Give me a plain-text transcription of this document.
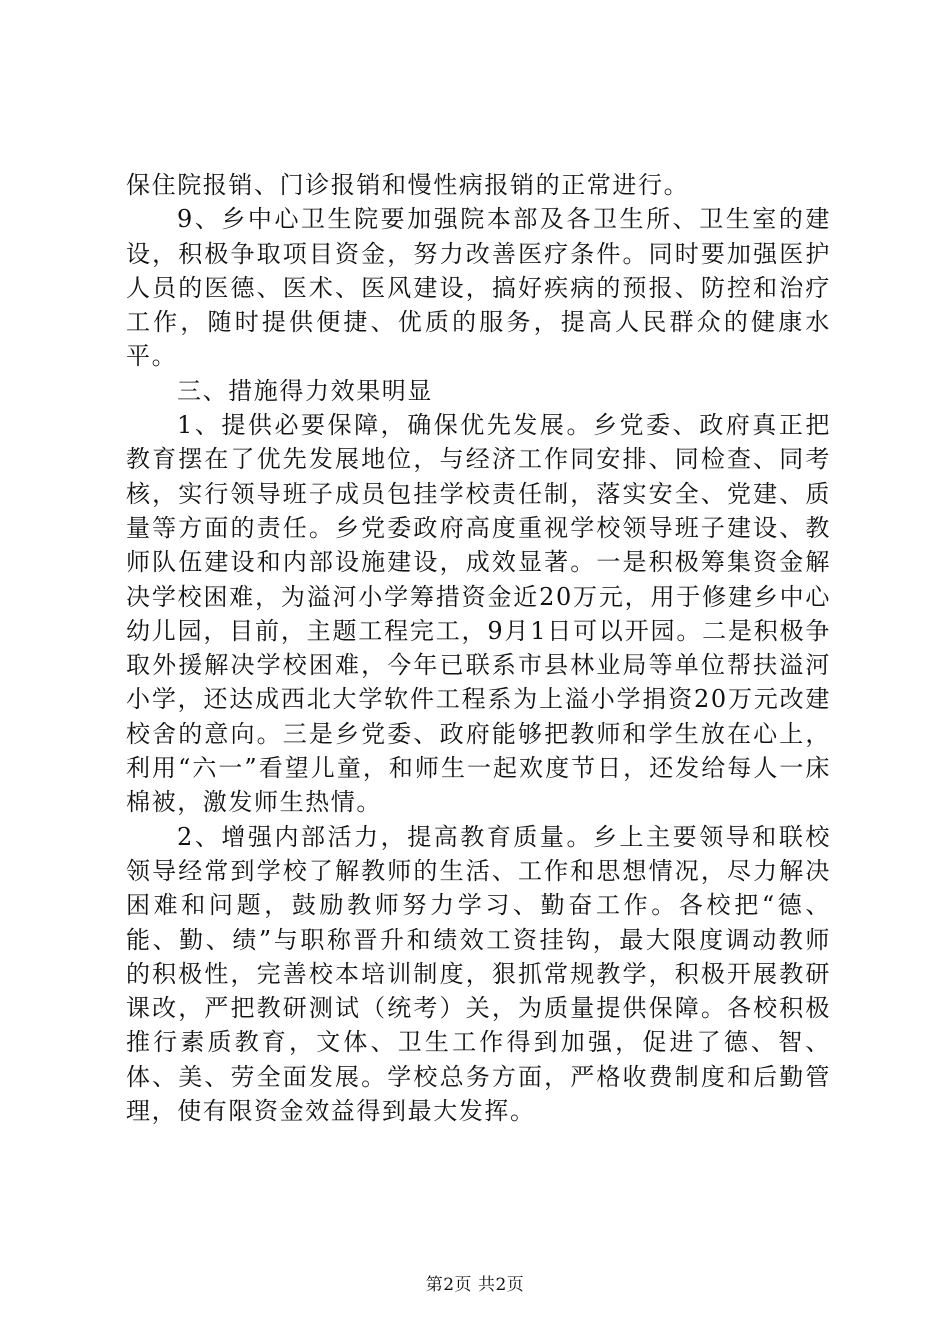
保住院报销、门诊报销和慢性病报销的正常进行。

9、乡中心卫生院要加强院本部及各卫生所、卫生室的建设，积极争取项目资金，努力改善医疗条件。同时要加强医护人员的医德、医术、医风建设，搞好疾病的预报、防控和治疗工作，随时提供便捷、优质的服务，提高人民群众的健康水平。

三、措施得力效果明显

1、提供必要保障，确保优先发展。乡党委、政府真正把教育摆在了优先发展地位，与经济工作同安排、同检查、同考核，实行领导班子成员包挂学校责任制，落实安全、党建、质量等方面的责任。乡党委政府高度重视学校领导班子建设、教师队伍建设和内部设施建设，成效显著。一是积极筹集资金解决学校困难，为溢河小学筹措资金近20万元，用于修建乡中心幼儿园，目前，主题工程完工，9月1日可以开园。二是积极争取外援解决学校困难，今年已联系市县林业局等单位帮扶溢河小学，还达成西北大学软件工程系为上溢小学捐资20万元改建校舍的意向。三是乡党委、政府能够把教师和学生放在心上，利用“六一”看望儿童，和师生一起欢度节日，还发给每人一床棉被，激发师生热情。

2、增强内部活力，提高教育质量。乡上主要领导和联校领导经常到学校了解教师的生活、工作和思想情况，尽力解决困难和问题，鼓励教师努力学习、勤奋工作。各校把“德、能、勤、绩”与职称晋升和绩效工资挂钩，最大限度调动教师的积极性，完善校本培训制度，狠抓常规教学，积极开展教研课改，严把教研测试（统考）关，为质量提供保障。各校积极推行素质教育，文体、卫生工作得到加强，促进了德、智、体、美、劳全面发展。学校总务方面，严格收费制度和后勤管理，使有限资金效益得到最大发挥。

第2页 共2页
